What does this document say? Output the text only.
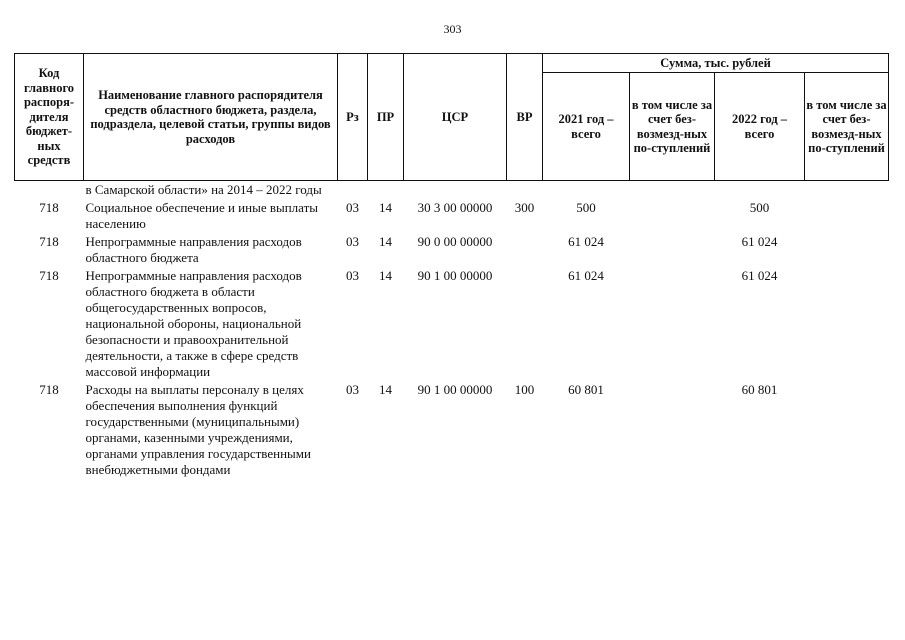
303
Код главного распоря-дителя бюджет-ных средств	Наименование главного распорядителя средств областного бюджета, раздела, подраздела, целевой статьи, группы видов расходов	Рз	ПР	ЦСР	ВР	Сумма, тыс. рублей			
						2021 год – всего	в том числе за счет без-возмезд-ных по-ступлений	2022 год – всего	в том числе за счет без-возмезд-ных по-ступлений
	в Самарской области» на 2014 – 2022 годы								
718	Социальное обеспечение и иные выплаты населению	03	14	30 3 00 00000	300	500		500	
718	Непрограммные направления расходов областного бюджета	03	14	90 0 00 00000		61 024		61 024	
718	Непрограммные направления расходов областного бюджета в области общегосударственных вопросов, национальной обороны, национальной безопасности и правоохранительной деятельности, а также в сфере средств массовой информации	03	14	90 1 00 00000		61 024		61 024	
718	Расходы на выплаты персоналу в целях обеспечения выполнения функций государственными (муниципальными) органами, казенными учреждениями, органами управления государственными внебюджетными фондами	03	14	90 1 00 00000	100	60 801		60 801	
